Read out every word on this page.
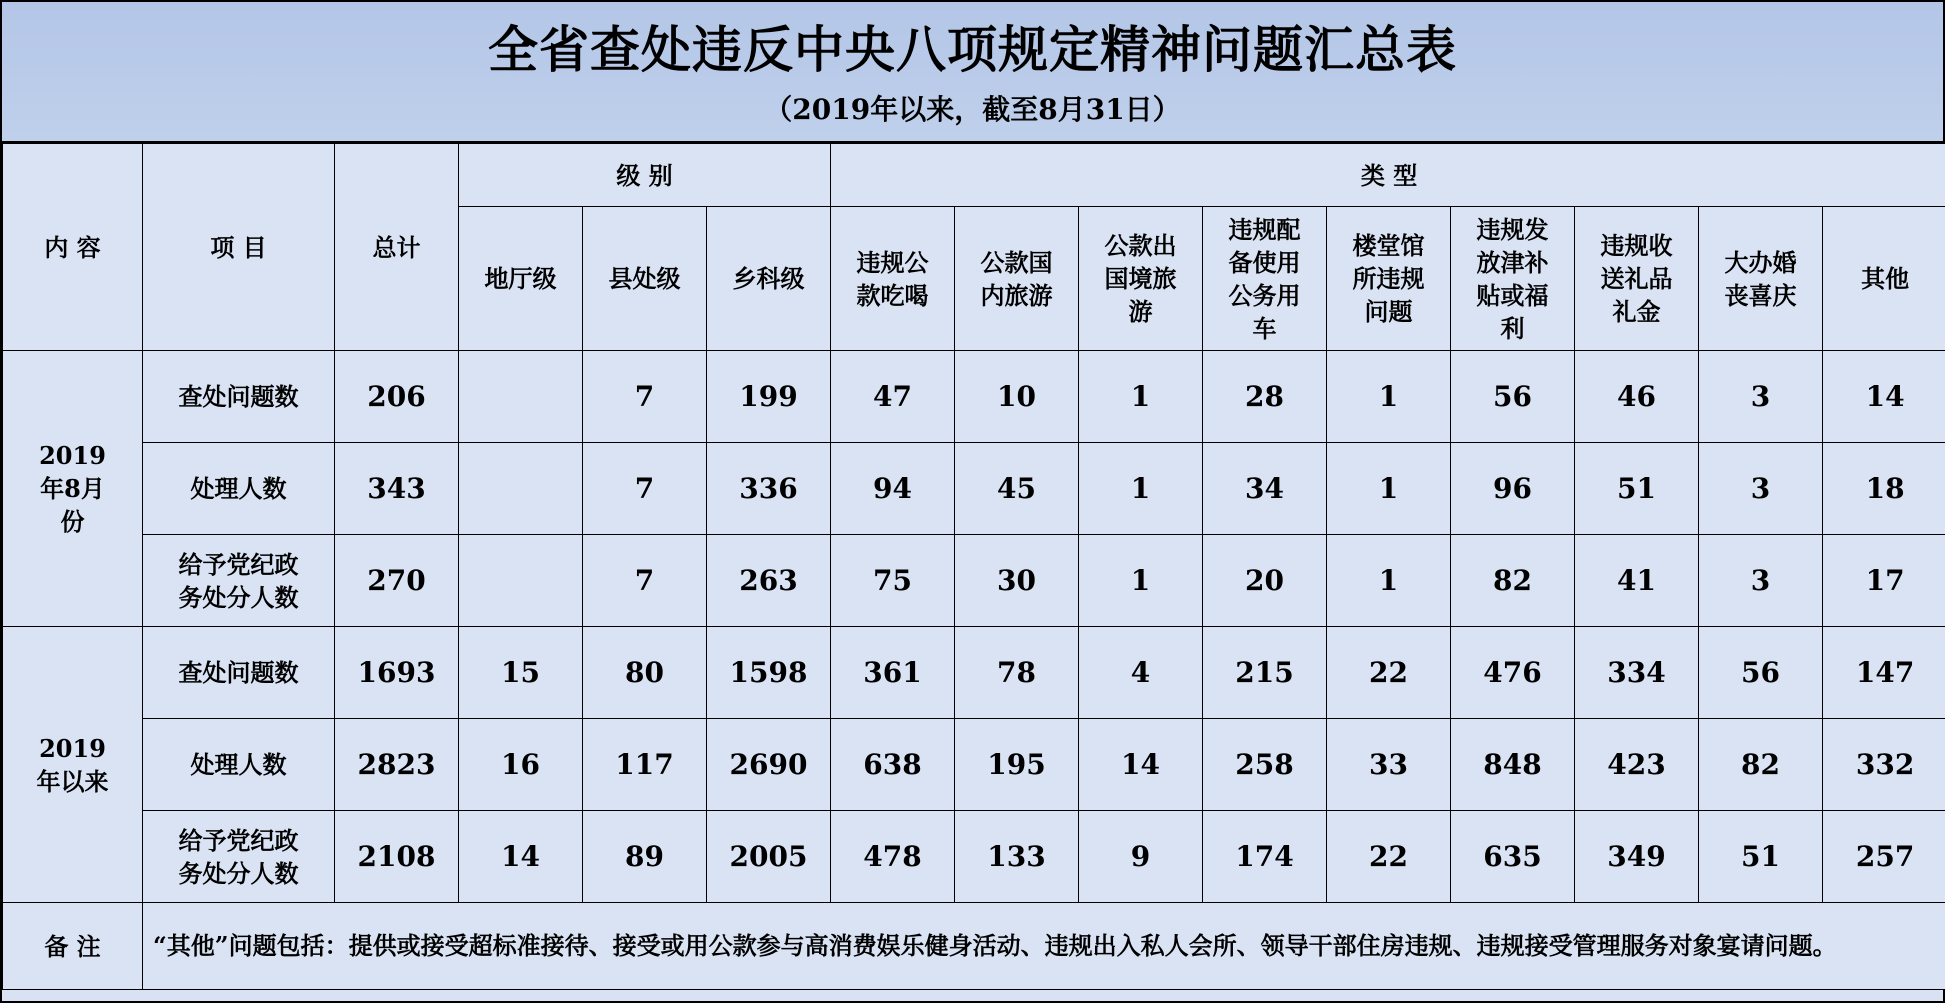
全省查处违反中央八项规定精神问题汇总表
（2019年以来，截至8月31日）
内 容	项 目	总计	级 别			类 型								
			地厅级	县处级	乡科级	违规公款吃喝	公款国内旅游	公款出国境旅游	违规配备使用公务用车	楼堂馆所违规问题	违规发放津补贴或福利	违规收送礼品礼金	大办婚丧喜庆	其他
2019年8月份	查处问题数	206		7	199	47	10	1	28	1	56	46	3	14
	处理人数	343		7	336	94	45	1	34	1	96	51	3	18
	给予党纪政务处分人数	270		7	263	75	30	1	20	1	82	41	3	17
2019年以来	查处问题数	1693	15	80	1598	361	78	4	215	22	476	334	56	147
	处理人数	2823	16	117	2690	638	195	14	258	33	848	423	82	332
	给予党纪政务处分人数	2108	14	89	2005	478	133	9	174	22	635	349	51	257
备 注	“其他”问题包括：提供或接受超标准接待、接受或用公款参与高消费娱乐健身活动、违规出入私人会所、领导干部住房违规、违规接受管理服务对象宴请问题。													
